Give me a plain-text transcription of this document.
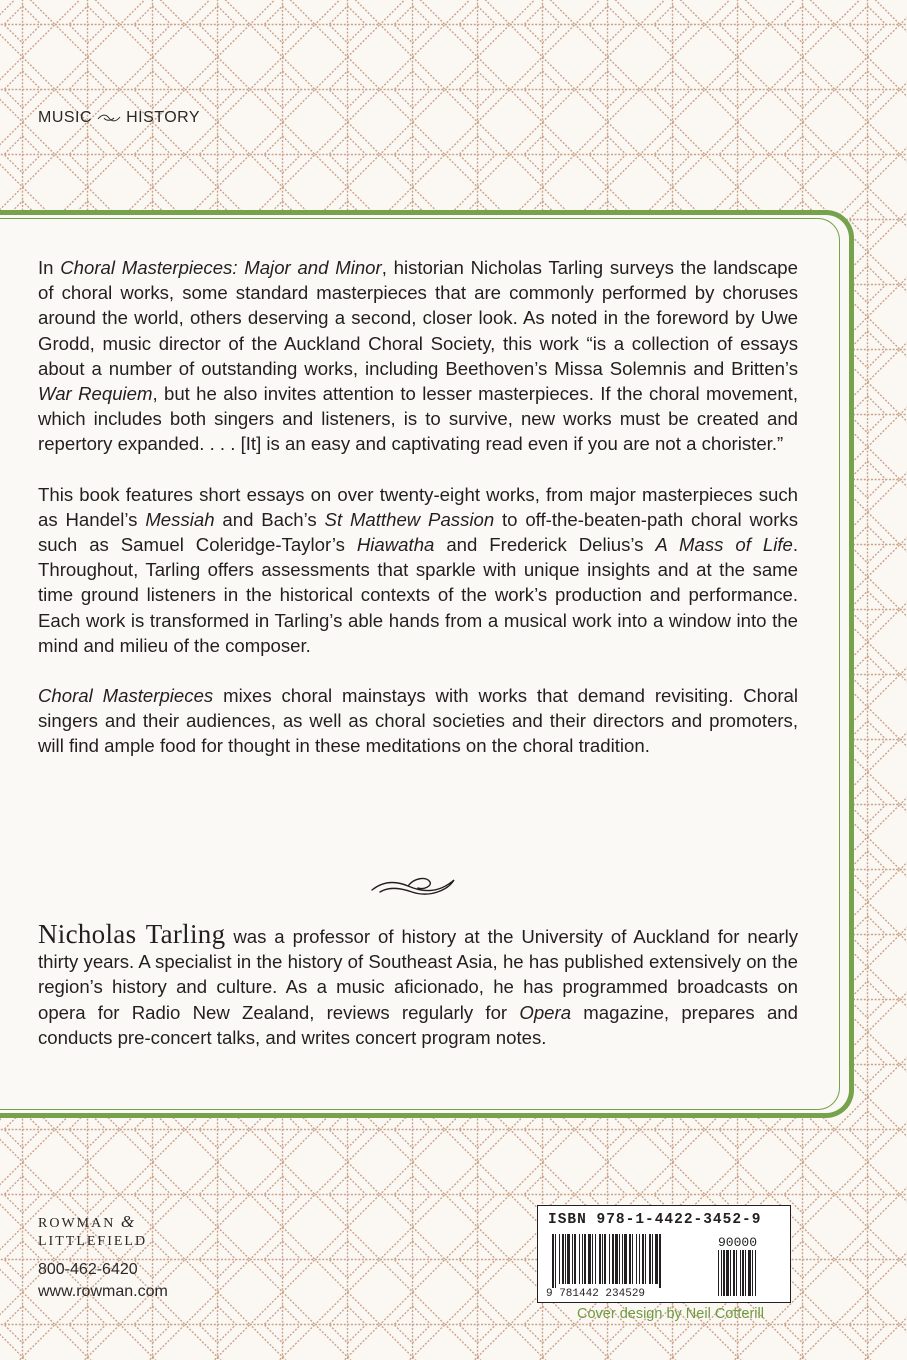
MUSIC HISTORY

In Choral Masterpieces: Major and Minor, historian Nicholas Tarling surveys the landscape of choral works, some standard masterpieces that are commonly performed by choruses around the world, others deserving a second, closer look. As noted in the foreword by Uwe Grodd, music director of the Auckland Choral Society, this work “is a collection of essays about a number of outstanding works, including Beethoven’s Missa Solemnis and Britten’s War Requiem, but he also invites attention to lesser masterpieces. If the choral movement, which includes both singers and listeners, is to survive, new works must be created and repertory expanded. . . . [It] is an easy and captivating read even if you are not a chorister.”

This book features short essays on over twenty-eight works, from major masterpieces such as Handel’s Messiah and Bach’s St Matthew Passion to off-the-beaten-path choral works such as Samuel Coleridge-Taylor’s Hiawatha and Frederick Delius’s A Mass of Life. Throughout, Tarling offers assessments that sparkle with unique insights and at the same time ground listeners in the historical contexts of the work’s production and performance. Each work is transformed in Tarling’s able hands from a musical work into a window into the mind and milieu of the composer.

Choral Masterpieces mixes choral mainstays with works that demand revisiting. Choral singers and their audiences, as well as choral societies and their directors and promoters, will find ample food for thought in these meditations on the choral tradition.

Nicholas Tarling was a professor of history at the University of Auckland for nearly thirty years. A specialist in the history of Southeast Asia, he has published extensively on the region’s history and culture. As a music aficionado, he has programmed broadcasts on opera for Radio New Zealand, reviews regularly for Opera magazine, prepares and conducts pre-concert talks, and writes concert program notes.
ROWMAN &
LITTLEFIELD
800-462-6420
www.rowman.com
ISBN 978-1-4422-3452-9
9 781442 234529
90000
Cover design by Neil Cotterill
